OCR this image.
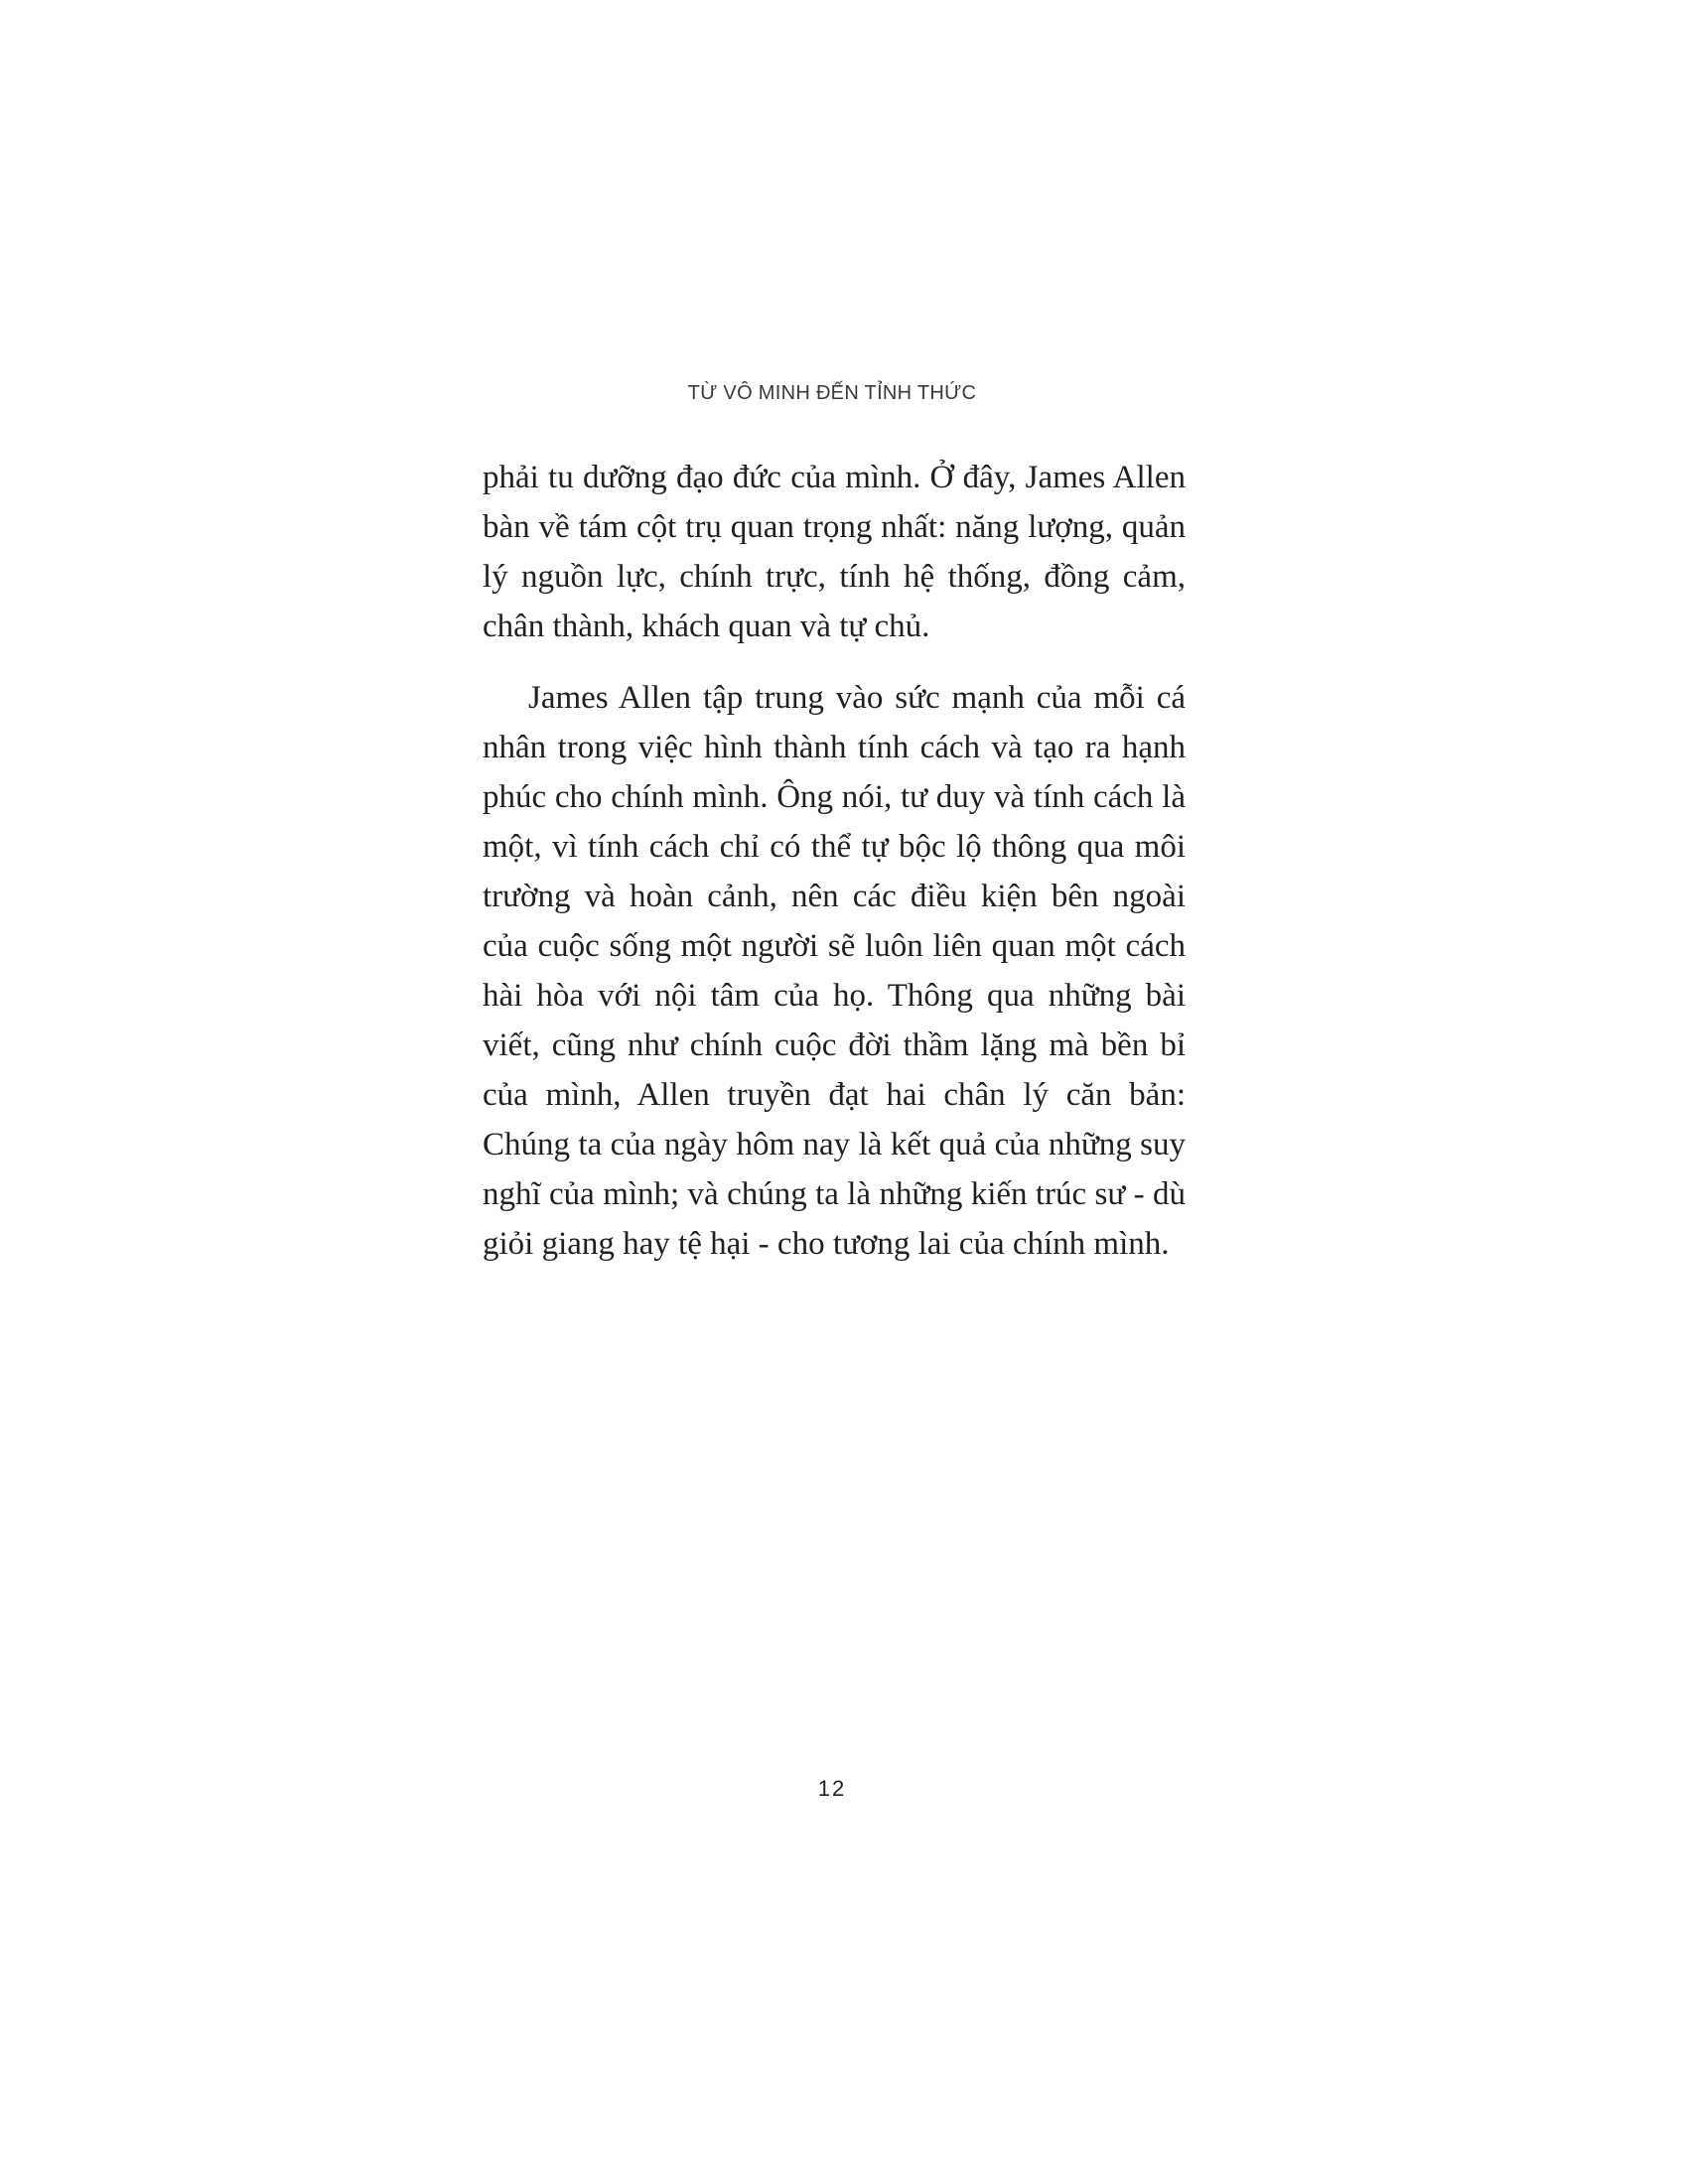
TỪ VÔ MINH ĐẾN TỈNH THỨC

phải tu dưỡng đạo đức của mình. Ở đây, James Allen bàn về tám cột trụ quan trọng nhất: năng lượng, quản lý nguồn lực, chính trực, tính hệ thống, đồng cảm, chân thành, khách quan và tự chủ.

James Allen tập trung vào sức mạnh của mỗi cá nhân trong việc hình thành tính cách và tạo ra hạnh phúc cho chính mình. Ông nói, tư duy và tính cách là một, vì tính cách chỉ có thể tự bộc lộ thông qua môi trường và hoàn cảnh, nên các điều kiện bên ngoài của cuộc sống một người sẽ luôn liên quan một cách hài hòa với nội tâm của họ. Thông qua những bài viết, cũng như chính cuộc đời thầm lặng mà bền bỉ của mình, Allen truyền đạt hai chân lý căn bản: Chúng ta của ngày hôm nay là kết quả của những suy nghĩ của mình; và chúng ta là những kiến trúc sư - dù giỏi giang hay tệ hại - cho tương lai của chính mình.

12
